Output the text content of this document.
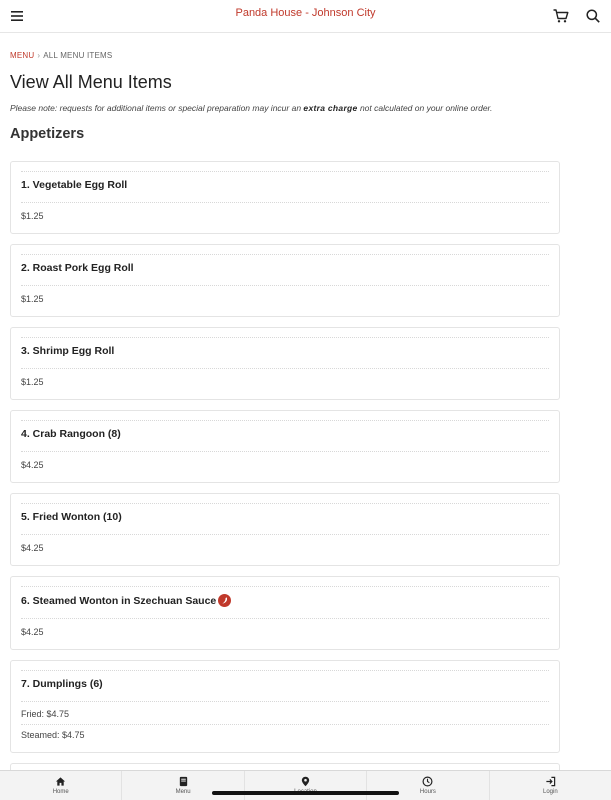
Panda House - Johnson City
MENU › ALL MENU ITEMS
View All Menu Items
Please note: requests for additional items or special preparation may incur an extra charge not calculated on your online order.
Appetizers
1. Vegetable Egg Roll
$1.25
2. Roast Pork Egg Roll
$1.25
3. Shrimp Egg Roll
$1.25
4. Crab Rangoon (8)
$4.25
5. Fried Wonton (10)
$4.25
6. Steamed Wonton in Szechuan Sauce
$4.25
7. Dumplings (6)
Fried: $4.75
Steamed: $4.75
Home	Menu	Hours	Login
